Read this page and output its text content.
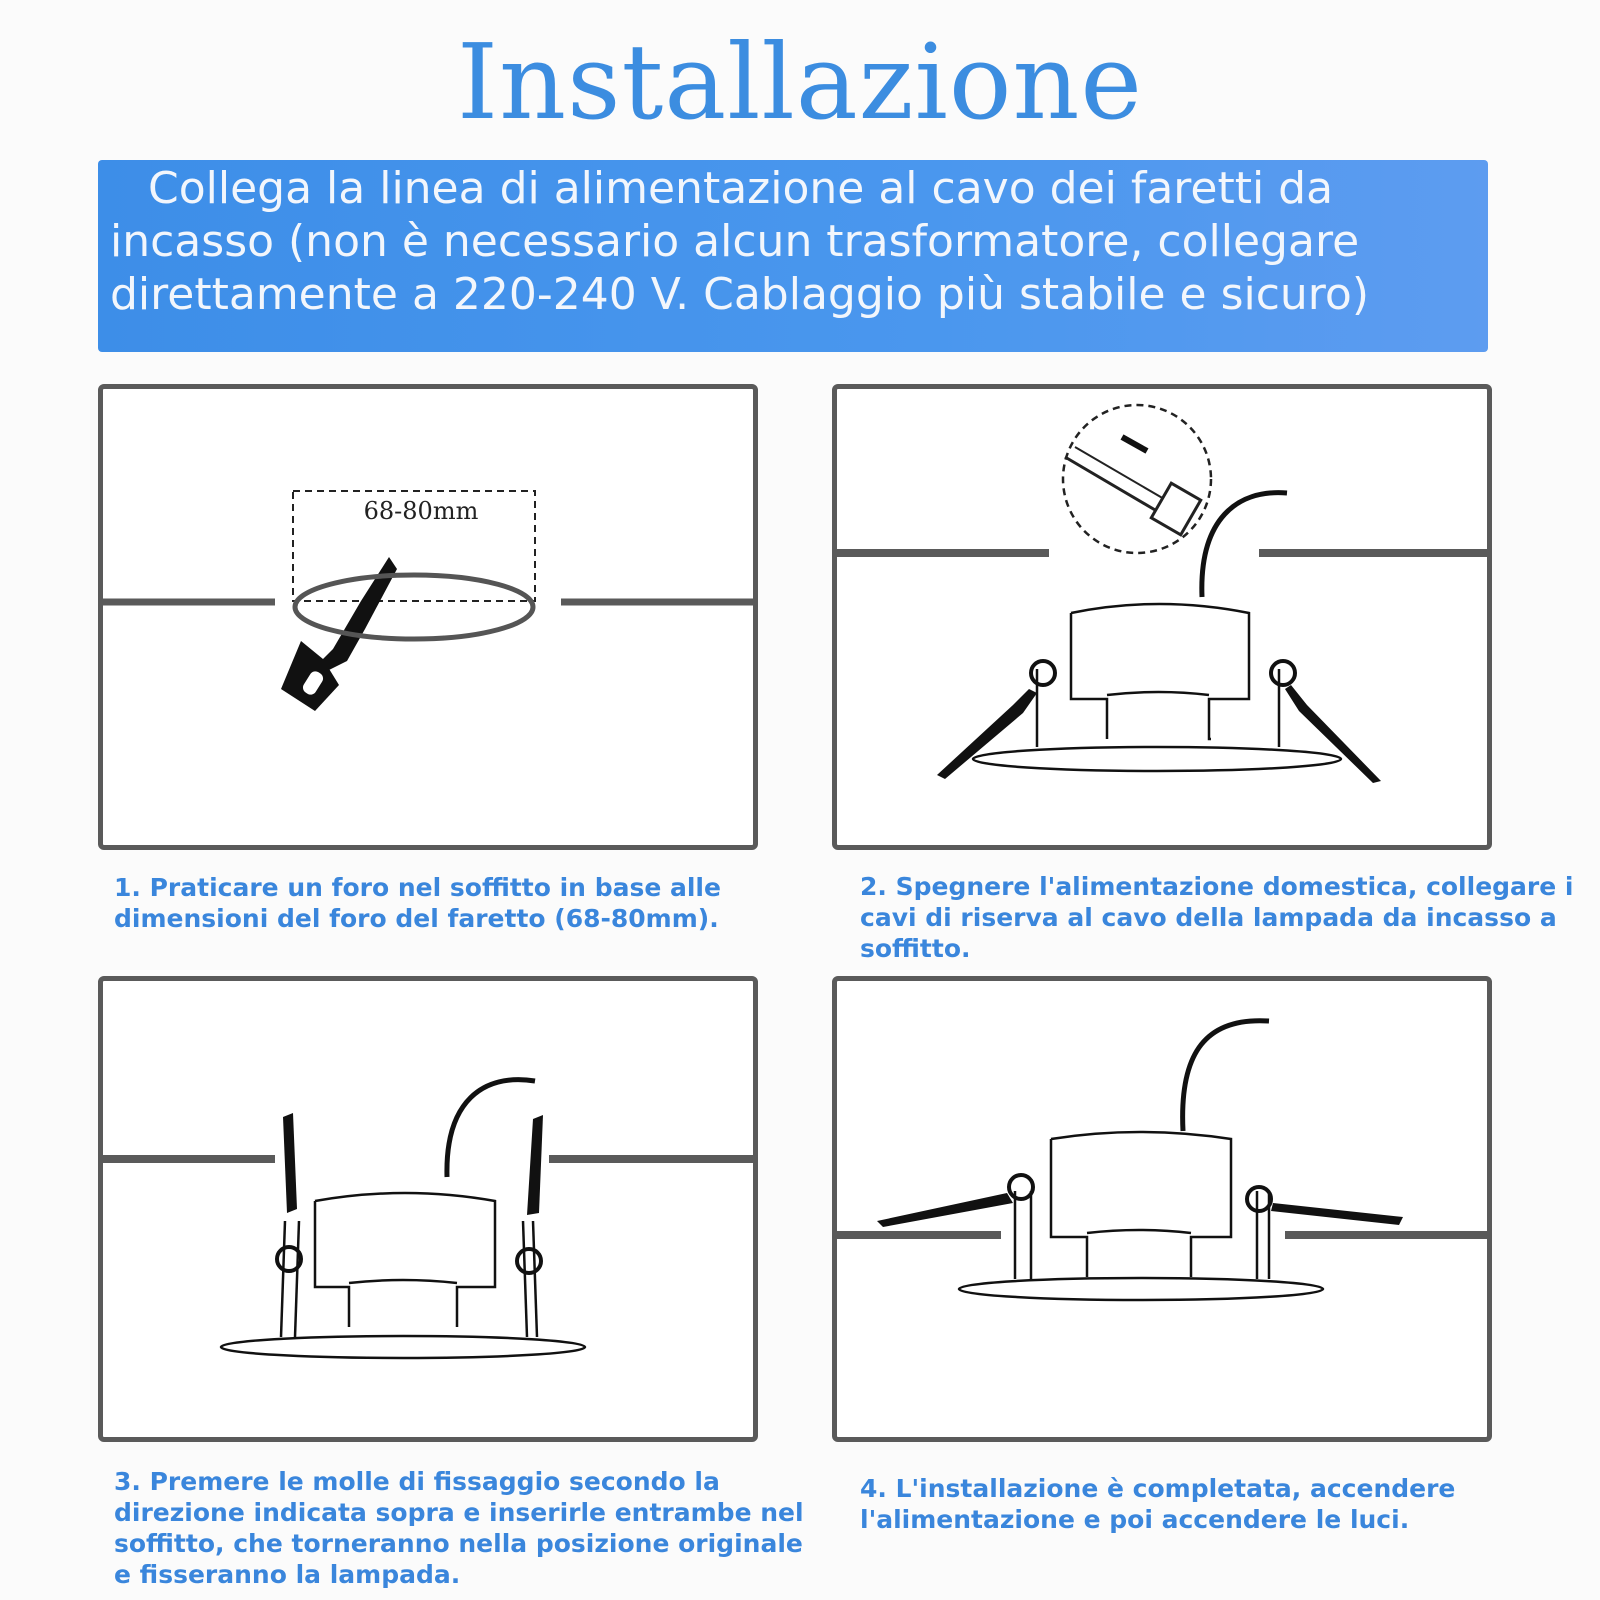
Installazione
Collega la linea di alimentazione al cavo dei faretti da incasso (non è necessario alcun trasformatore, collegare direttamente a 220-240 V. Cablaggio più stabile e sicuro)
68-80mm
1. Praticare un foro nel soffitto in base alle dimensioni del foro del faretto (68-80mm).
2. Spegnere l'alimentazione domestica, collegare i cavi di riserva al cavo della lampada da incasso a soffitto.
3. Premere le molle di fissaggio secondo la direzione indicata sopra e inserirle entrambe nel soffitto, che torneranno nella posizione originale e fisseranno la lampada.
4. L'installazione è completata, accendere l'alimentazione e poi accendere le luci.
